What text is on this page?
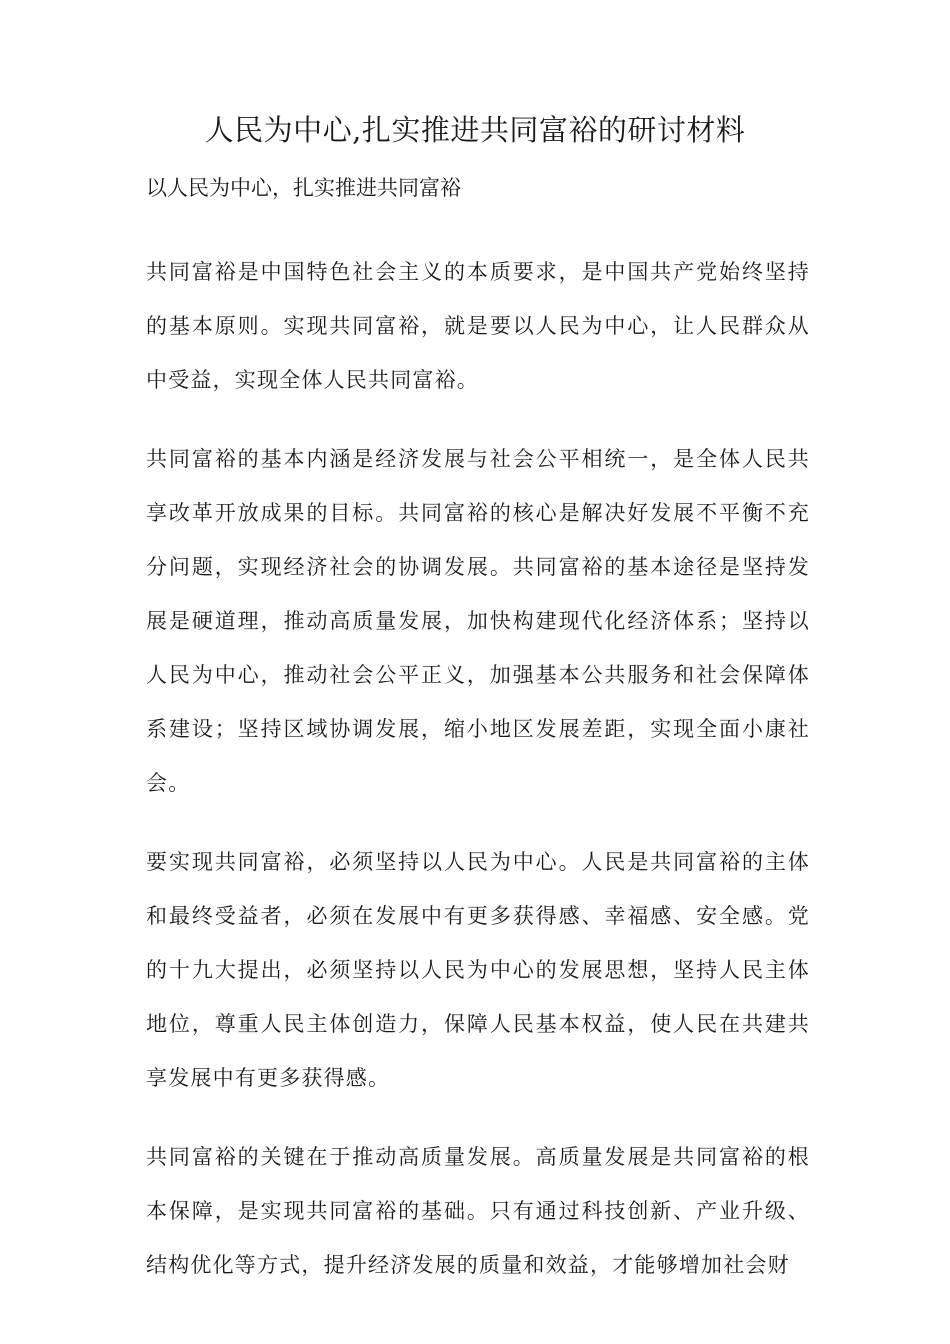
人民为中心,扎实推进共同富裕的研讨材料

以人民为中心，扎实推进共同富裕

共同富裕是中国特色社会主义的本质要求，是中国共产党始终坚持的基本原则。实现共同富裕，就是要以人民为中心，让人民群众从中受益，实现全体人民共同富裕。

共同富裕的基本内涵是经济发展与社会公平相统一，是全体人民共享改革开放成果的目标。共同富裕的核心是解决好发展不平衡不充分问题，实现经济社会的协调发展。共同富裕的基本途径是坚持发展是硬道理，推动高质量发展，加快构建现代化经济体系；坚持以人民为中心，推动社会公平正义，加强基本公共服务和社会保障体系建设；坚持区域协调发展，缩小地区发展差距，实现全面小康社会。

要实现共同富裕，必须坚持以人民为中心。人民是共同富裕的主体和最终受益者，必须在发展中有更多获得感、幸福感、安全感。党的十九大提出，必须坚持以人民为中心的发展思想，坚持人民主体地位，尊重人民主体创造力，保障人民基本权益，使人民在共建共享发展中有更多获得感。

共同富裕的关键在于推动高质量发展。高质量发展是共同富裕的根本保障，是实现共同富裕的基础。只有通过科技创新、产业升级、结构优化等方式，提升经济发展的质量和效益，才能够增加社会财
